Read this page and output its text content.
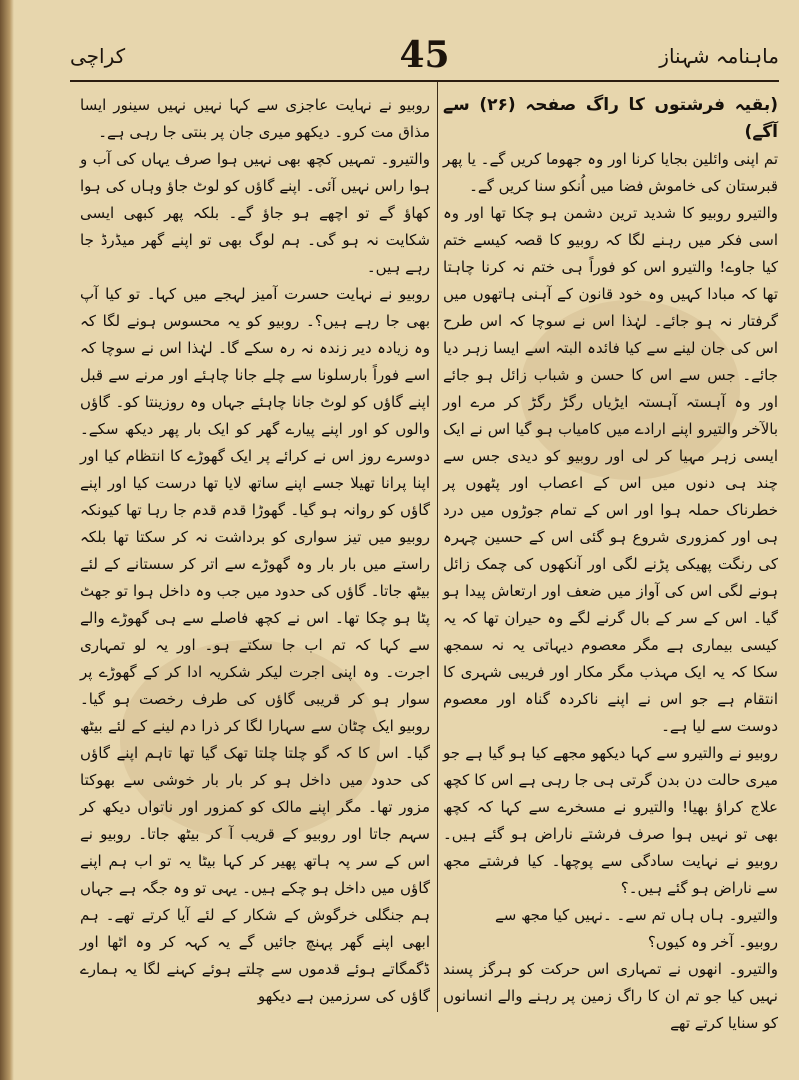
ماہنامہ شہناز
45
کراچی

(بقیہ فرشتوں کا راگ صفحہ (۲۶) سے آگے)

تم اپنی وائلین بجایا کرنا اور وہ جھوما کریں گے۔ یا پھر قبرستان کی خاموش فضا میں اُنکو سنا کریں گے۔

والتیرو روبیو کا شدید ترین دشمن ہو چکا تھا اور وہ اسی فکر میں رہنے لگا کہ روبیو کا قصہ کیسے ختم کیا جاوے! والتیرو اس کو فوراً ہی ختم نہ کرنا چاہتا تھا کہ مبادا کہیں وہ خود قانون کے آہنی ہاتھوں میں گرفتار نہ ہو جائے۔ لہٰذا اس نے سوچا کہ اس طرح اس کی جان لینے سے کیا فائدہ البتہ اسے ایسا زہر دیا جائے۔ جس سے اس کا حسن و شباب زائل ہو جائے اور وہ آہستہ آہستہ ایڑیاں رگڑ رگڑ کر مرے اور بالآخر والتیرو اپنے ارادے میں کامیاب ہو گیا اس نے ایک ایسی زہر مہیا کر لی اور روبیو کو دیدی جس سے چند ہی دنوں میں اس کے اعصاب اور پٹھوں پر خطرناک حملہ ہوا اور اس کے تمام جوڑوں میں درد ہی اور کمزوری شروع ہو گئی اس کے حسین چہرہ کی رنگت پھیکی پڑنے لگی اور آنکھوں کی چمک زائل ہونے لگی اس کی آواز میں ضعف اور ارتعاش پیدا ہو گیا۔ اس کے سر کے بال گرنے لگے وہ حیران تھا کہ یہ کیسی بیماری ہے مگر معصوم دیہاتی یہ نہ سمجھ سکا کہ یہ ایک مہذب مگر مکار اور فریبی شہری کا انتقام ہے جو اس نے اپنے ناکردہ گناہ اور معصوم دوست سے لیا ہے۔

روبیو نے والتیرو سے کہا دیکھو مجھے کیا ہو گیا ہے جو میری حالت دن بدن گرتی ہی جا رہی ہے اس کا کچھ علاج کراؤ بھیا! والتیرو نے مسخرے سے کہا کہ کچھ بھی تو نہیں ہوا صرف فرشتے ناراض ہو گئے ہیں۔ روبیو نے نہایت سادگی سے پوچھا۔ کیا فرشتے مجھ سے ناراض ہو گئے ہیں۔؟

والتیرو۔ ہاں ہاں تم سے۔ ۔نہیں کیا مجھ سے

روبیو۔ آخر وہ کیوں؟

والتیرو۔ انھوں نے تمہاری اس حرکت کو ہرگز پسند نہیں کیا جو تم ان کا راگ زمین پر رہنے والے انسانوں کو سنایا کرتے تھے

روبیو نے نہایت عاجزی سے کہا نہیں نہیں سینور ایسا مذاق مت کرو۔ دیکھو میری جان پر بنتی جا رہی ہے۔

والتیرو۔ تمہیں کچھ بھی نہیں ہوا صرف یہاں کی آب و ہوا راس نہیں آئی۔ اپنے گاؤں کو لوٹ جاؤ وہاں کی ہوا کھاؤ گے تو اچھے ہو جاؤ گے۔ بلکہ پھر کبھی ایسی شکایت نہ ہو گی۔ ہم لوگ بھی تو اپنے گھر میڈرڈ جا رہے ہیں۔

روبیو نے نہایت حسرت آمیز لہجے میں کہا۔ تو کیا آپ بھی جا رہے ہیں؟۔ روبیو کو یہ محسوس ہونے لگا کہ وہ زیادہ دیر زندہ نہ رہ سکے گا۔ لہٰذا اس نے سوچا کہ اسے فوراً بارسلونا سے چلے جانا چاہئے اور مرنے سے قبل اپنے گاؤں کو لوٹ جانا چاہئے جہاں وہ روزینتا کو۔ گاؤں والوں کو اور اپنے پیارے گھر کو ایک بار پھر دیکھ سکے۔ دوسرے روز اس نے کرائے پر ایک گھوڑے کا انتظام کیا اور اپنا پرانا تھیلا جسے اپنے ساتھ لایا تھا درست کیا اور اپنے گاؤں کو روانہ ہو گیا۔ گھوڑا قدم قدم جا رہا تھا کیونکہ روبیو میں تیز سواری کو برداشت نہ کر سکتا تھا بلکہ راستے میں بار بار وہ گھوڑے سے اتر کر سستانے کے لئے بیٹھ جاتا۔ گاؤں کی حدود میں جب وہ داخل ہوا تو جھٹ پٹا ہو چکا تھا۔ اس نے کچھ فاصلے سے ہی گھوڑے والے سے کہا کہ تم اب جا سکتے ہو۔ اور یہ لو تمہاری اجرت۔ وہ اپنی اجرت لیکر شکریہ ادا کر کے گھوڑے پر سوار ہو کر قریبی گاؤں کی طرف رخصت ہو گیا۔ روبیو ایک چٹان سے سہارا لگا کر ذرا دم لینے کے لئے بیٹھ گیا۔ اس کا کہ گو چلتا چلتا تھک گیا تھا تاہم اپنے گاؤں کی حدود میں داخل ہو کر بار بار خوشی سے بھوکتا مزور تھا۔ مگر اپنے مالک کو کمزور اور ناتواں دیکھ کر سہم جاتا اور روبیو کے قریب آ کر بیٹھ جاتا۔ روبیو نے اس کے سر پہ ہاتھ پھیر کر کہا بیٹا یہ تو اب ہم اپنے گاؤں میں داخل ہو چکے ہیں۔ یہی تو وہ جگہ ہے جہاں ہم جنگلی خرگوش کے شکار کے لئے آیا کرتے تھے۔ ہم ابھی اپنے گھر پہنچ جائیں گے یہ کہہ کر وہ اٹھا اور ڈگمگاتے ہوئے قدموں سے چلتے ہوئے کہنے لگا یہ ہمارے گاؤں کی سرزمین ہے دیکھو
